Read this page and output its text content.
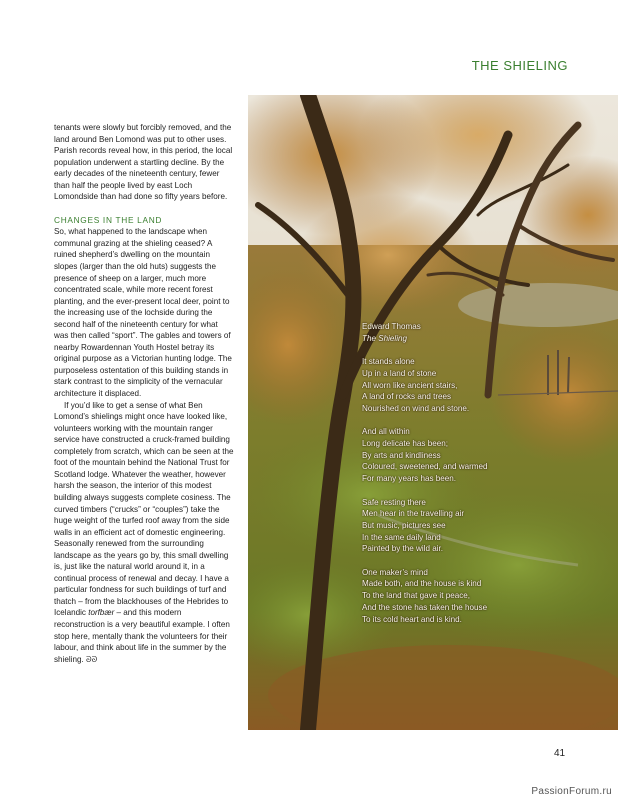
THE SHIELING

tenants were slowly but forcibly removed, and the land around Ben Lomond was put to other uses. Parish records reveal how, in this period, the local population underwent a startling decline. By the early decades of the nineteenth century, fewer than half the people lived by east Loch Lomondside than had done so fifty years before.

CHANGES IN THE LAND

So, what happened to the landscape when communal grazing at the shieling ceased? A ruined shepherd’s dwelling on the mountain slopes (larger than the old huts) suggests the presence of sheep on a larger, much more concentrated scale, while more recent forest planting, and the ever-present local deer, point to the increasing use of the lochside during the second half of the nineteenth century for what was then called “sport”. The gables and towers of nearby Rowardennan Youth Hostel betray its original purpose as a Victorian hunting lodge. The purposeless ostentation of this building stands in stark contrast to the simplicity of the vernacular architecture it displaced.

If you’d like to get a sense of what Ben Lomond’s shielings might once have looked like, volunteers working with the mountain ranger service have constructed a cruck-framed building completely from scratch, which can be seen at the foot of the mountain behind the National Trust for Scotland lodge. Whatever the weather, however harsh the season, the interior of this modest building always suggests complete cosiness. The curved timbers (“crucks” or “couples”) take the huge weight of the turfed roof away from the side walls in an efficient act of domestic engineering. Seasonally renewed from the surrounding landscape as the years go by, this small dwelling is, just like the natural world around it, in a continual process of renewal and decay. I have a particular fondness for such buildings of turf and thatch – from the blackhouses of the Hebrides to Icelandic torfbær – and this modern reconstruction is a very beautiful example. I often stop here, mentally thank the volunteers for their labour, and think about life in the summer by the shieling. ᘐᘐ

Edward Thomas
The Shieling
It stands alone
Up in a land of stone
All worn like ancient stairs,
A land of rocks and trees
Nourished on wind and stone.
And all within
Long delicate has been;
By arts and kindliness
Coloured, sweetened, and warmed
For many years has been.
Safe resting there
Men hear in the travelling air
But music, pictures see
In the same daily land
Painted by the wild air.
One maker’s mind
Made both, and the house is kind
To the land that gave it peace,
And the stone has taken the house
To its cold heart and is kind.
41
PassionForum.ru
